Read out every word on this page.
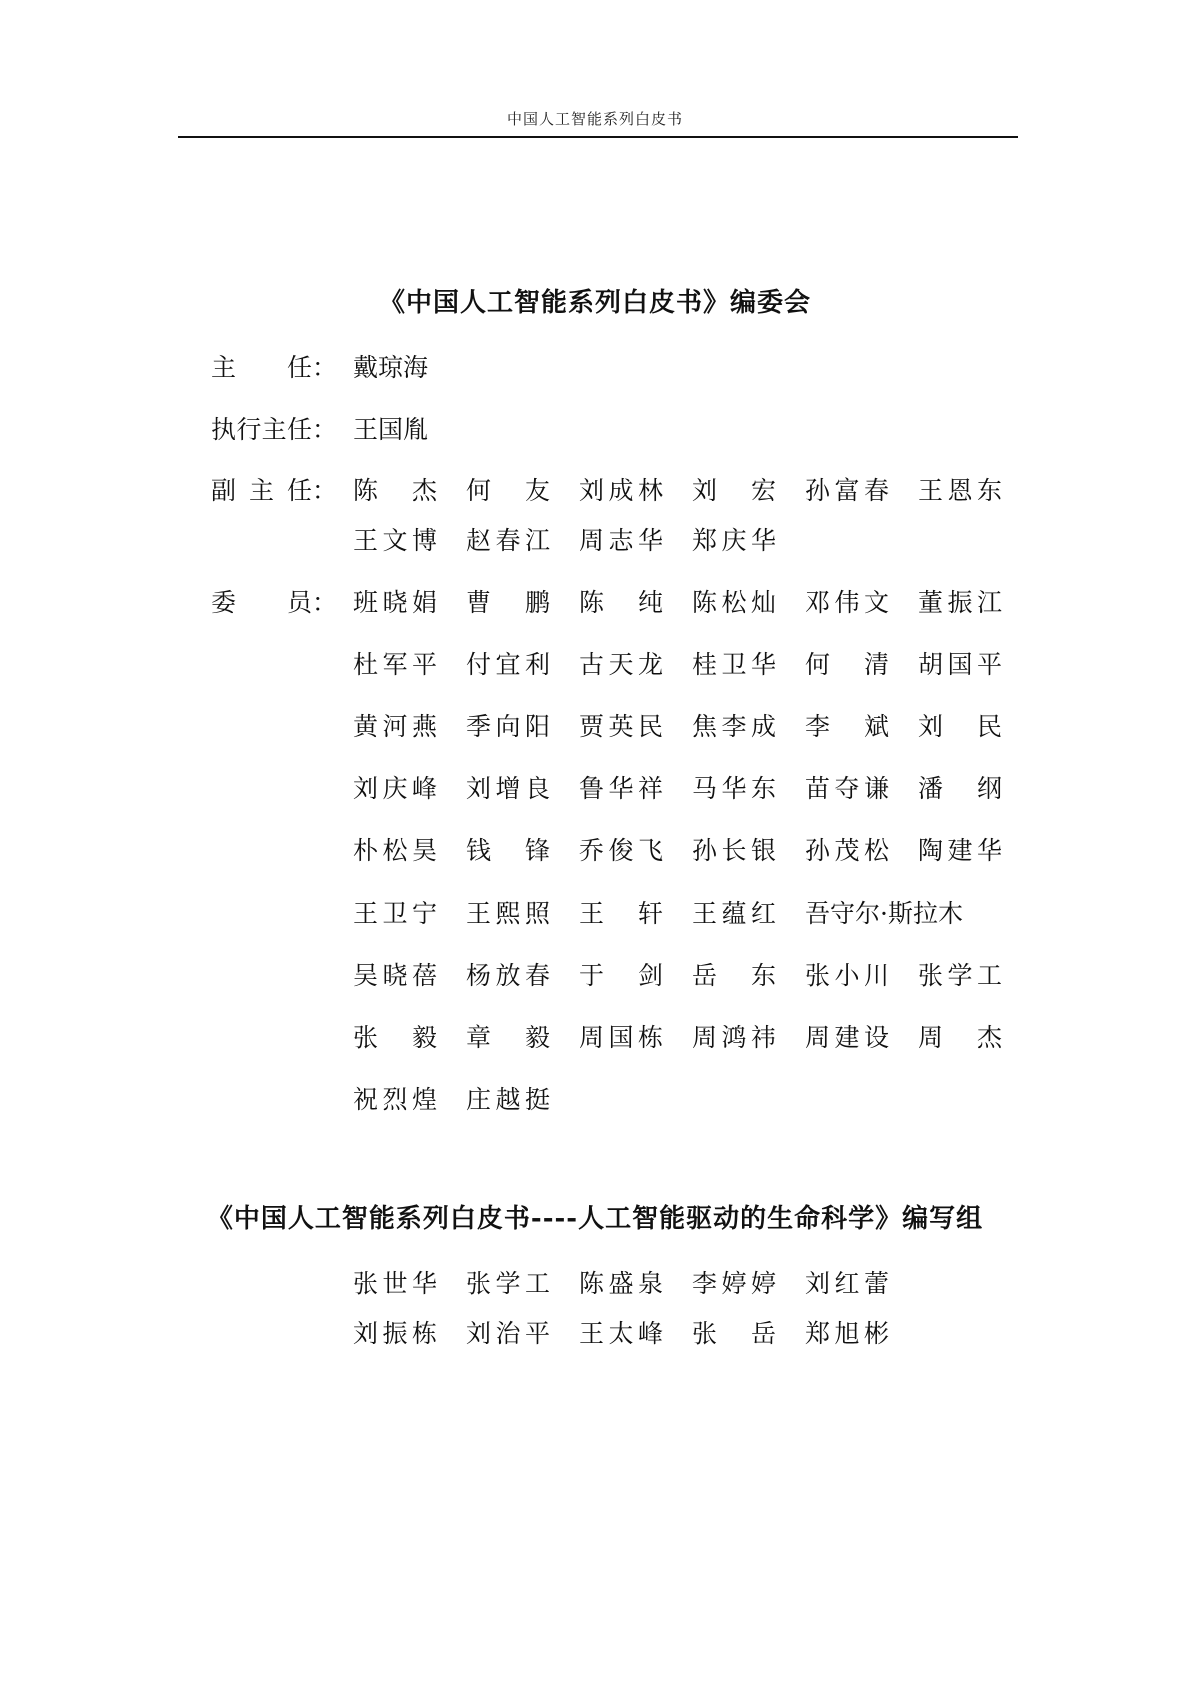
中国人工智能系列白皮书
《中国人工智能系列白皮书》编委会
主任： 戴琼海
执行主任： 王国胤
副主任： 陈杰 何友 刘成林 刘宏 孙富春 王恩东
王文博 赵春江 周志华 郑庆华
委员： 班晓娟 曹鹏 陈纯 陈松灿 邓伟文 董振江
杜军平 付宜利 古天龙 桂卫华 何清 胡国平
黄河燕 季向阳 贾英民 焦李成 李斌 刘民
刘庆峰 刘增良 鲁华祥 马华东 苗夺谦 潘纲
朴松昊 钱锋 乔俊飞 孙长银 孙茂松 陶建华
王卫宁 王熙照 王轩 王蕴红 吾守尔·斯拉木
吴晓蓓 杨放春 于剑 岳东 张小川 张学工
张毅 章毅 周国栋 周鸿祎 周建设 周杰
祝烈煌 庄越挺
《中国人工智能系列白皮书----人工智能驱动的生命科学》编写组
张世华 张学工 陈盛泉 李婷婷 刘红蕾
刘振栋 刘治平 王太峰 张岳 郑旭彬
